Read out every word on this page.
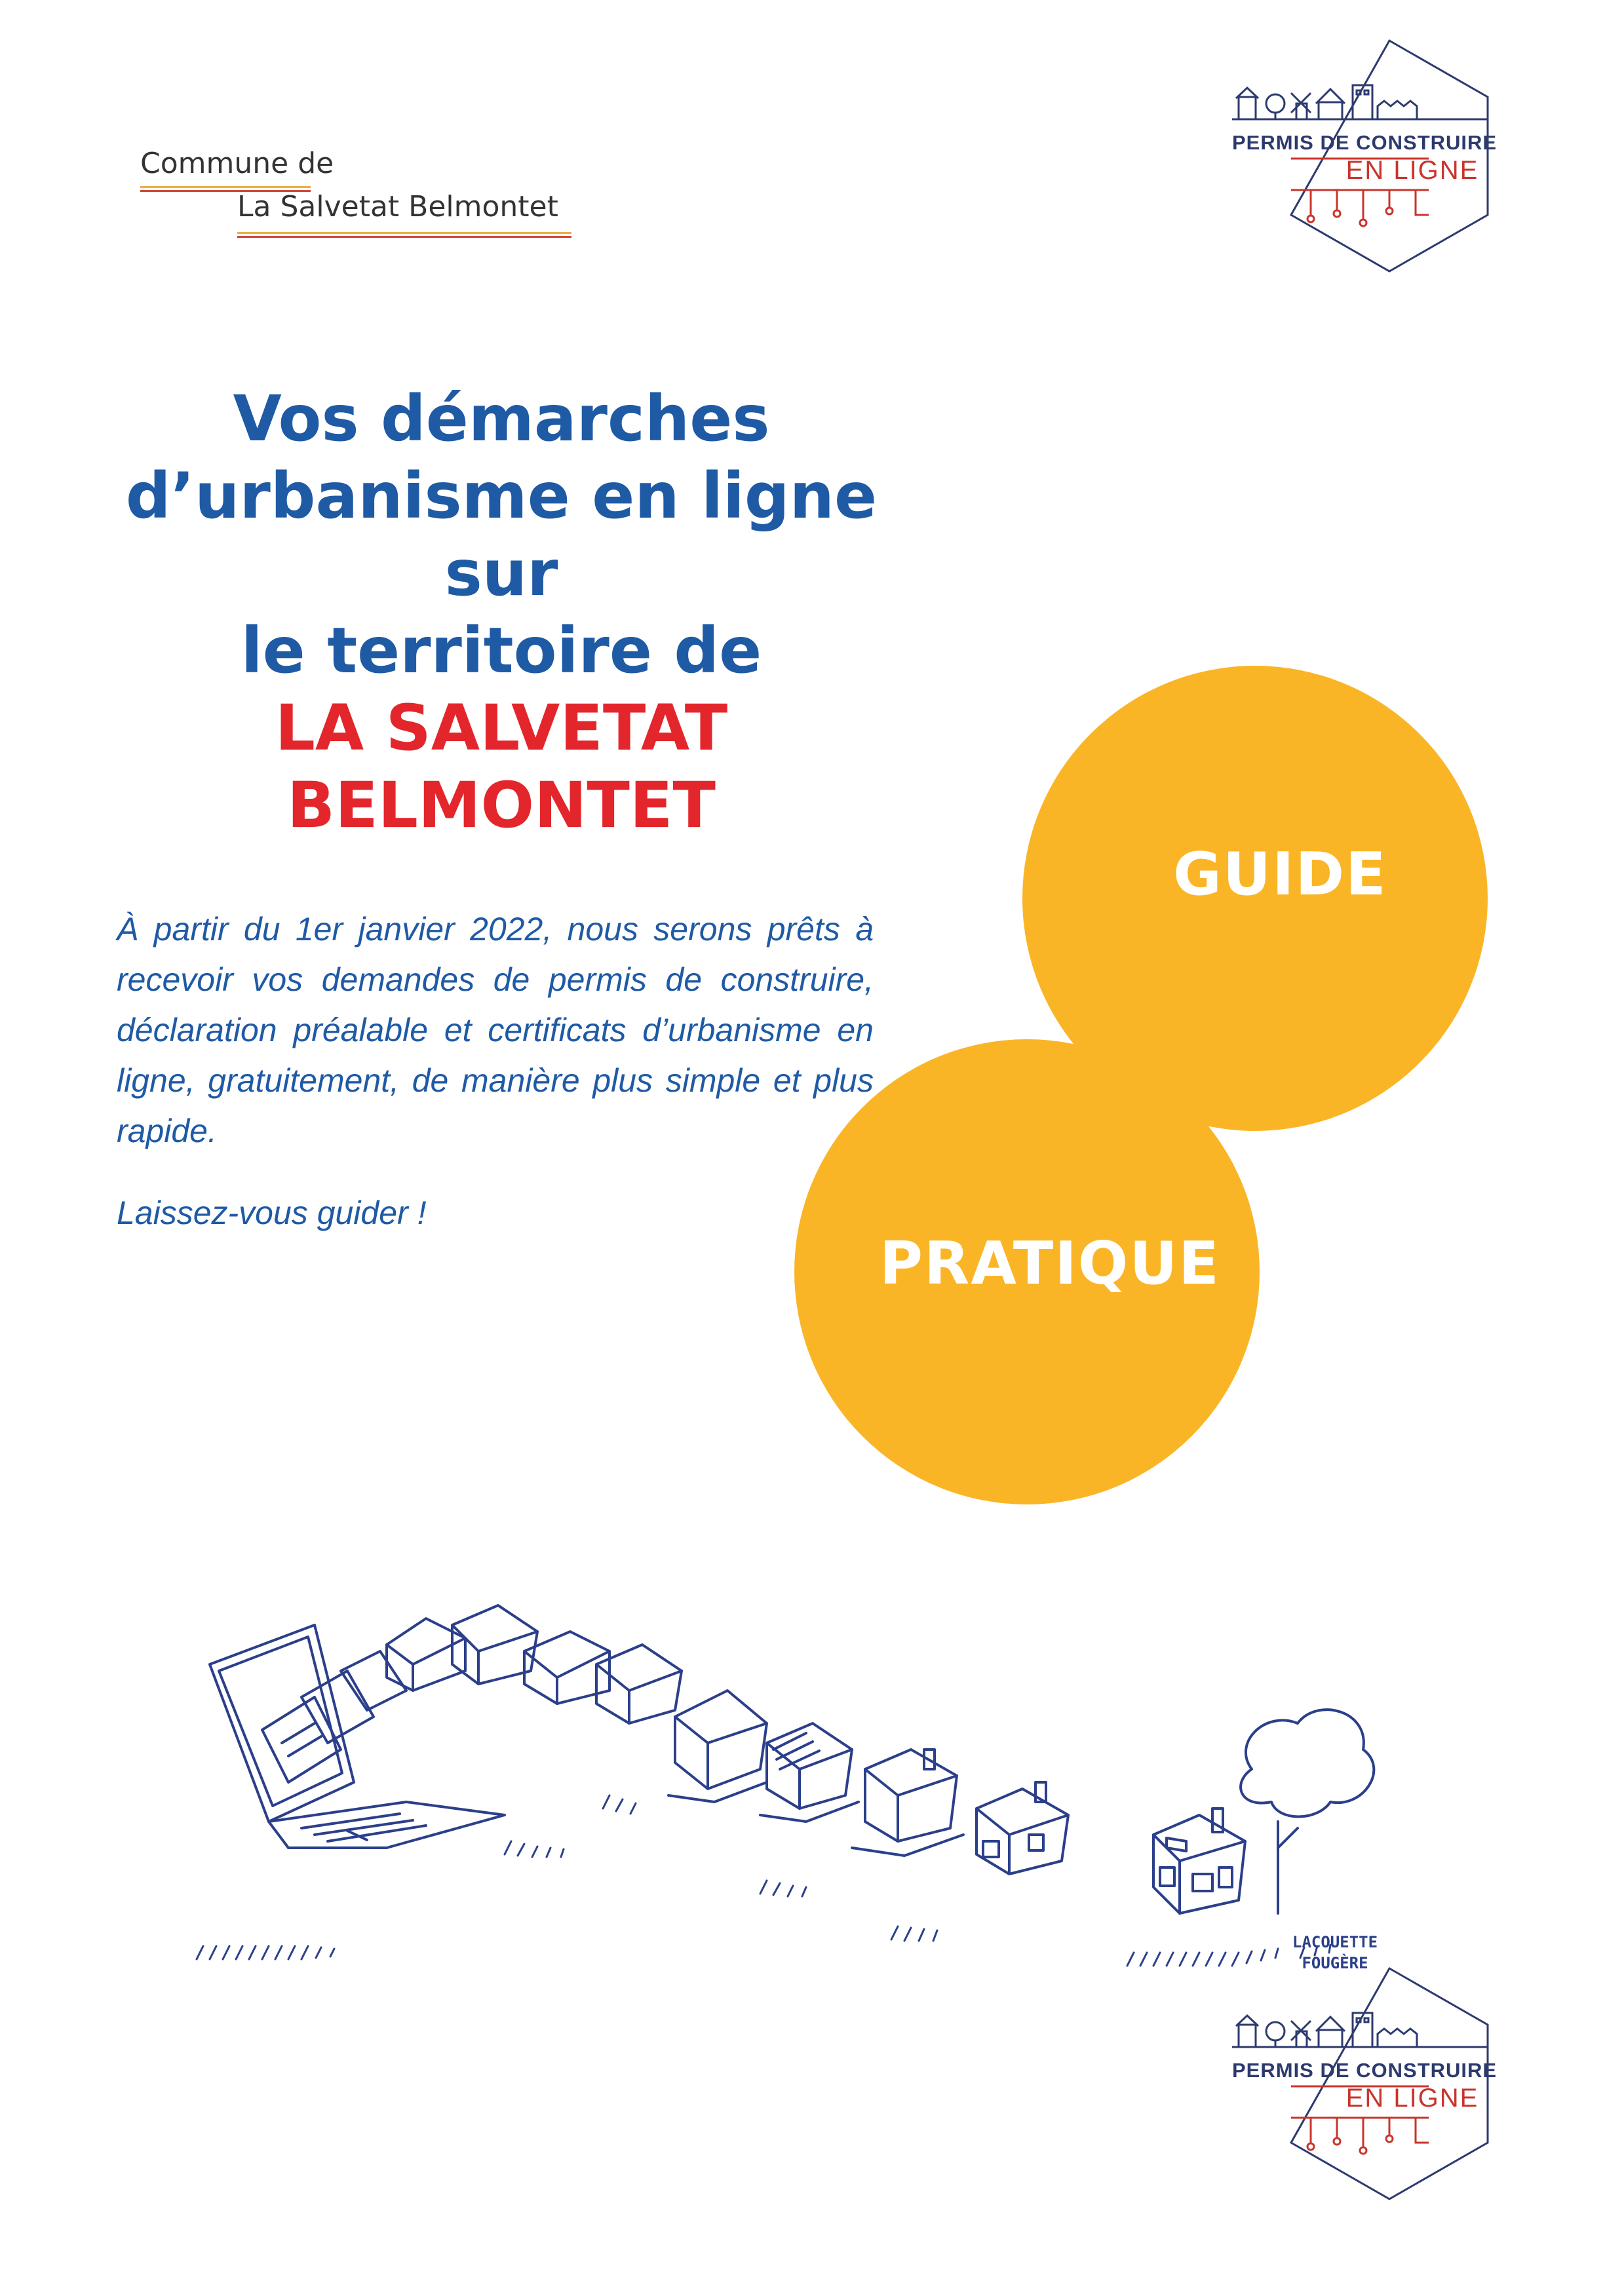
Commune de
La Salvetat Belmontet
PERMIS DE CONSTRUIRE
EN LIGNE
Vos démarches
d’urbanisme en ligne sur
le territoire de
LA SALVETAT
BELMONTET
À partir du 1er janvier 2022, nous serons prêts à recevoir vos demandes de permis de construire, déclaration préalable et certificats d’urbanisme en ligne, gratuitement, de manière plus simple et plus rapide.
Laissez-vous guider !
GUIDE
PRATIQUE
LACOUETTE
FOUGÈRE
PERMIS DE CONSTRUIRE
EN LIGNE
